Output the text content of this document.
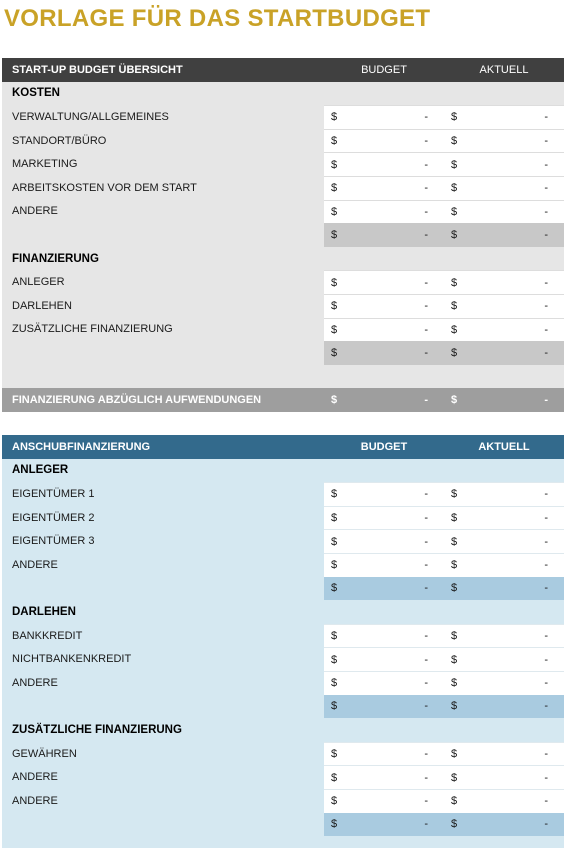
VORLAGE FÜR DAS STARTBUDGET
START-UP BUDGET ÜBERSICHT	BUDGET	AKTUELL
KOSTEN
VERWALTUNG/ALLGEMEINES	$	- $	-
STANDORT/BÜRO	$	- $	-
MARKETING	$	- $	-
ARBEITSKOSTEN VOR DEM START	$	- $	-
ANDERE	$	- $	-
$	- $	-
FINANZIERUNG
ANLEGER	$	- $	-
DARLEHEN	$	- $	-
ZUSÄTZLICHE FINANZIERUNG	$	- $	-
$	- $	-
FINANZIERUNG ABZÜGLICH AUFWENDUNGEN	$	- $	-
ANSCHUBFINANZIERUNG	BUDGET	AKTUELL
ANLEGER
EIGENTÜMER 1	$	- $	-
EIGENTÜMER 2	$	- $	-
EIGENTÜMER 3	$	- $	-
ANDERE	$	- $	-
$	- $	-
DARLEHEN
BANKKREDIT	$	- $	-
NICHTBANKENKREDIT	$	- $	-
ANDERE	$	- $	-
$	- $	-
ZUSÄTZLICHE FINANZIERUNG
GEWÄHREN	$	- $	-
ANDERE	$	- $	-
ANDERE	$	- $	-
$	- $	-
